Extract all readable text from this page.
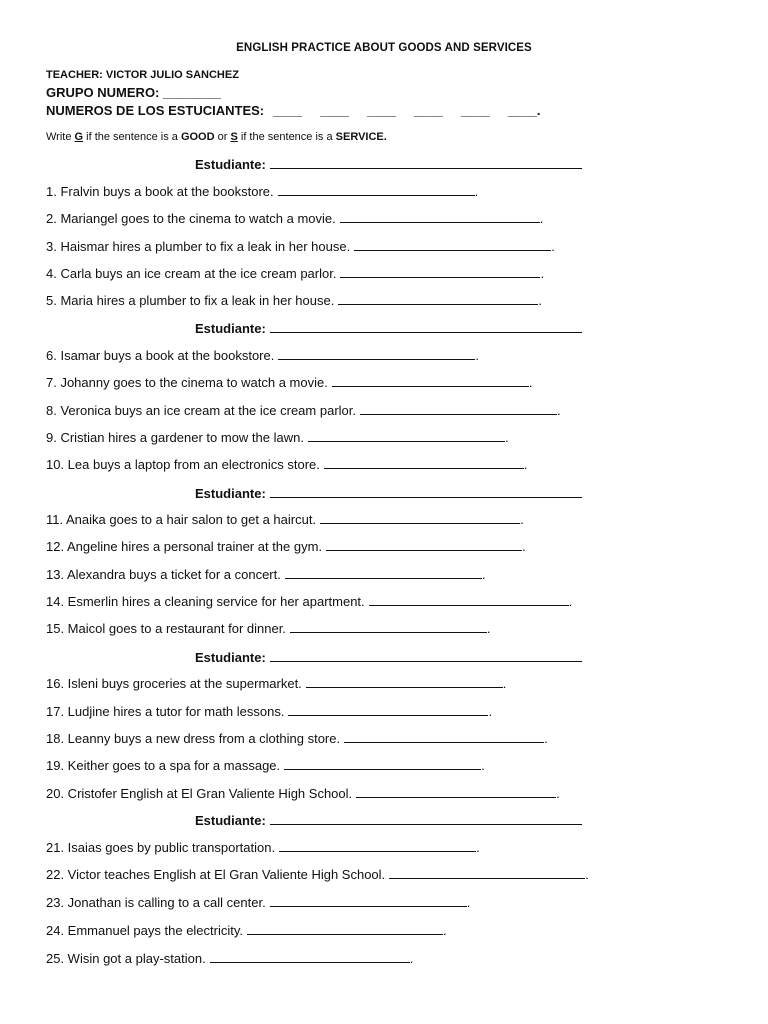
ENGLISH PRACTICE ABOUT GOODS AND SERVICES
TEACHER: VICTOR JULIO SANCHEZ
GRUPO NUMERO: ________
NUMEROS DE LOS ESTUCIANTES: ____     ____     ____     ____     ____     ____.
Write G if the sentence is a GOOD or S if the sentence is a SERVICE.
Estudiante:
Estudiante:
Estudiante:
Estudiante:
Estudiante:
1. Fralvin buys a book at the bookstore.	.
2. Mariangel goes to the cinema to watch a movie.	.
3. Haismar hires a plumber to fix a leak in her house.	.
4. Carla buys an ice cream at the ice cream parlor.	.
5. Maria hires a plumber to fix a leak in her house.	.
6. Isamar buys a book at the bookstore.	.
7. Johanny goes to the cinema to watch a movie.	.
8. Veronica buys an ice cream at the ice cream parlor.	.
9. Cristian hires a gardener to mow the lawn.	.
10. Lea buys a laptop from an electronics store.	.
11. Anaika goes to a hair salon to get a haircut.	.
12. Angeline hires a personal trainer at the gym.	.
13. Alexandra buys a ticket for a concert.	.
14. Esmerlin hires a cleaning service for her apartment.	.
15. Maicol goes to a restaurant for dinner.	.
16. Isleni buys groceries at the supermarket.	.
17. Ludjine hires a tutor for math lessons.	.
18. Leanny buys a new dress from a clothing store.	.
19. Keither goes to a spa for a massage.	.
20. Cristofer English at El Gran Valiente High School.	.
21. Isaias goes by public transportation.	.
22. Victor teaches English at El Gran Valiente High School.	.
23. Jonathan is calling to a call center.	.
24. Emmanuel pays the electricity.	.
25. Wisin got a play-station.	.
